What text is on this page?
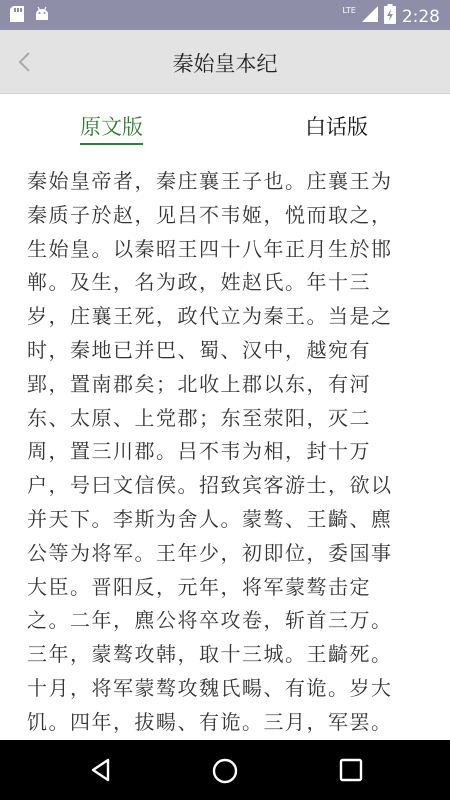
LTE	2:28
秦始皇本纪
原文版	白话版

秦始皇帝者，秦庄襄王子也。庄襄王为

秦质子於赵，见吕不韦姬，悦而取之，

生始皇。以秦昭王四十八年正月生於邯

郸。及生，名为政，姓赵氏。年十三

岁，庄襄王死，政代立为秦王。当是之

时，秦地已并巴、蜀、汉中，越宛有

郢，置南郡矣；北收上郡以东，有河

东、太原、上党郡；东至荥阳，灭二

周，置三川郡。吕不韦为相，封十万

户，号曰文信侯。招致宾客游士，欲以

并天下。李斯为舍人。蒙骜、王齮、麃

公等为将军。王年少，初即位，委国事

大臣。晋阳反，元年，将军蒙骜击定

之。二年，麃公将卒攻卷，斩首三万。

三年，蒙骜攻韩，取十三城。王齮死。

十月，将军蒙骜攻魏氏畼、有诡。岁大

饥。四年，拔畼、有诡。三月，军罢。
